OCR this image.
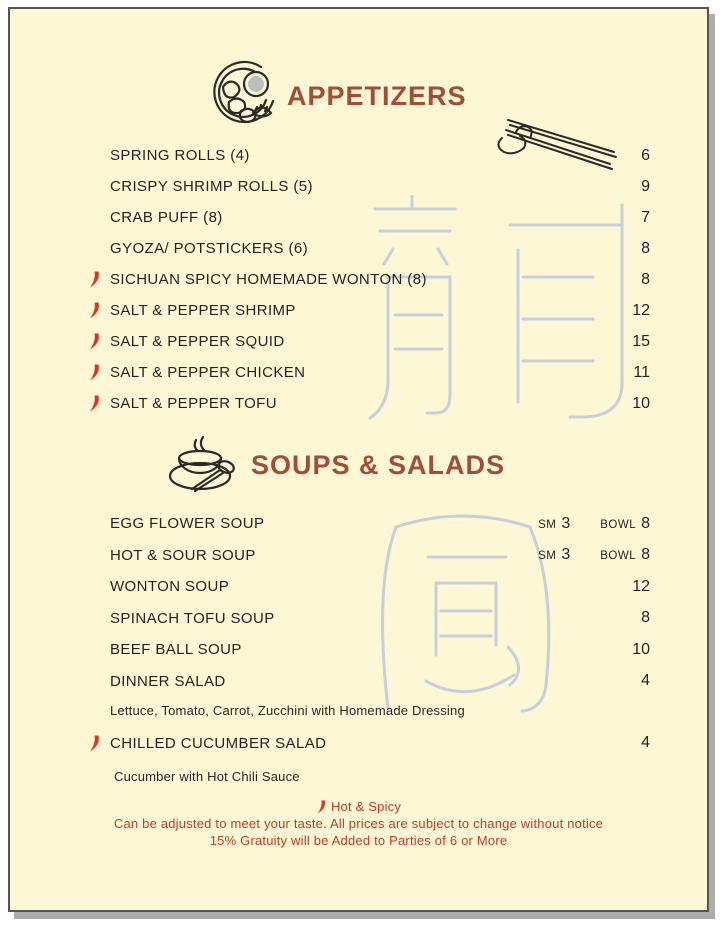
APPETIZERS
SPRING ROLLS (4)	6
CRISPY SHRIMP ROLLS (5)	9
CRAB PUFF (8)	7
GYOZA/ POTSTICKERS (6)	8
SICHUAN SPICY HOMEMADE WONTON (8)	8
SALT & PEPPER SHRIMP	12
SALT & PEPPER SQUID	15
SALT & PEPPER CHICKEN	11
SALT & PEPPER TOFU	10
SOUPS & SALADS
EGG FLOWER SOUP	SM 3	BOWL 8
HOT & SOUR SOUP	SM 3	BOWL 8
WONTON SOUP	12
SPINACH TOFU SOUP	8
BEEF BALL SOUP	10
DINNER SALAD	4
Lettuce, Tomato, Carrot, Zucchini with Homemade Dressing
CHILLED CUCUMBER SALAD	4
Cucumber with Hot Chili Sauce
Hot & Spicy
Can be adjusted to meet your taste. All prices are subject to change without notice
15% Gratuity will be Added to Parties of 6 or More
